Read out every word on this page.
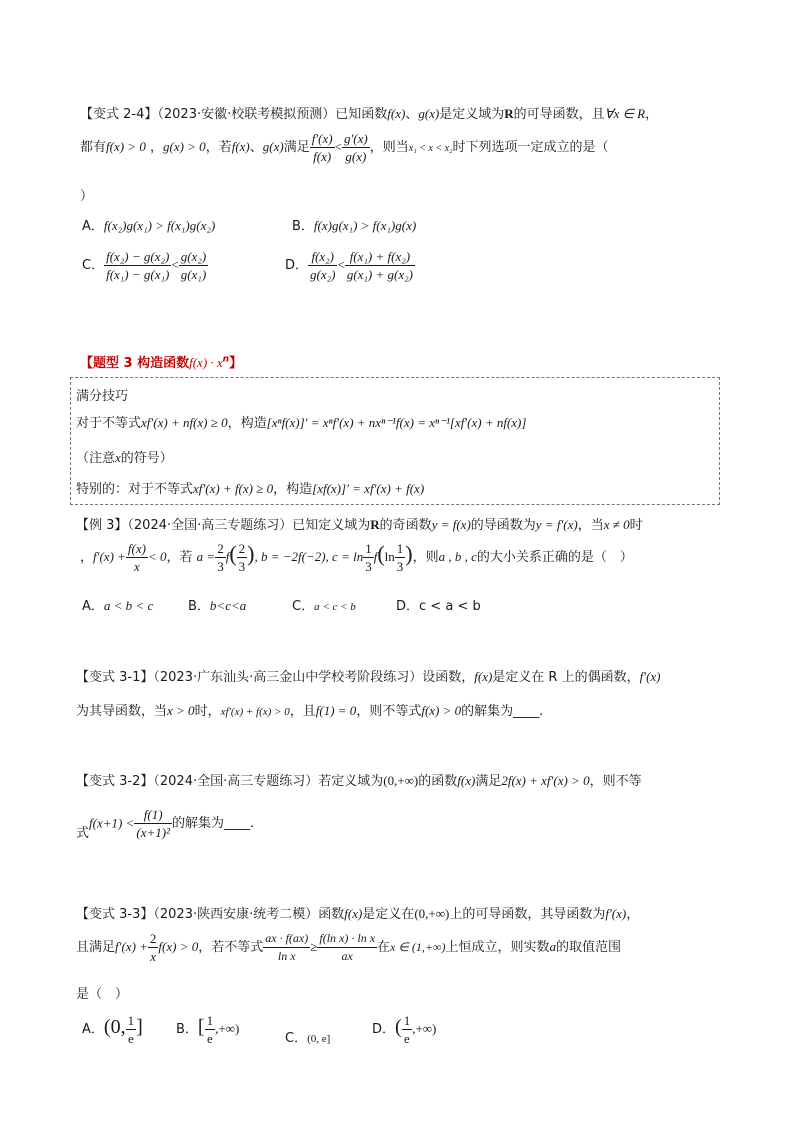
【变式 2-4】（2023·安徽·校联考模拟预测）已知函数f(x)、g(x)是定义域为R的可导函数，且∀x ∈ R，
都有f(x) > 0 ，g(x) > 0，若f(x)、g(x)满足 $\frac{f'(x)}{f(x)} < \frac{g'(x)}{g(x)}$ ，则当x₁ < x < x₂时下列选项一定成立的是（
）
A．f(x₂)g(x₁) > f(x₁)g(x₂)	B．f(x)g(x₁) > f(x₁)g(x)
C． $\frac{\text{f(x₂) − g(x₂)}}{\text{f(x₁) − g(x₁)}} < \frac{\text{g(x₂)}}{\text{g(x₁)}}$	D． $\frac{\text{f(x₂)}}{\text{g(x₂)}} < \frac{\text{f(x₁) + f(x₂)}}{\text{g(x₁) + g(x₂)}}$
【题型 3 构造函数$f(x) \cdot x^n$】
满分技巧
对于不等式xf′(x) + nf(x) ≥ 0，构造[xⁿf(x)]′ = xⁿf′(x) + nxⁿ⁻¹f(x) = xⁿ⁻¹[xf′(x) + nf(x)]
（注意x的符号）
特别的：对于不等式xf′(x) + f(x) ≥ 0，构造[xf(x)]′ = xf′(x) + f(x)
【例 3】（2024·全国·高三专题练习）已知定义域为R的奇函数y = f(x)的导函数为y = f′(x)，当x ≠ 0时
，$f'(x) + \frac{f(x)}{x} < 0$，若 $a = \frac{2}{3} f( \frac{2}{3}$ ), b = −2f(−2), $c = \ln \frac{1}{3} f(\ln \frac{1}{3}$ )，则a , b , c的大小关系正确的是（　）
A．a < b < c	B．b<c<a	C．a < c < b	D．c < a < b
【变式 3-1】（2023·广东汕头·高三金山中学校考阶段练习）设函数，f(x)是定义在 R 上的偶函数，f′(x)
为其导函数，当x > 0时，xf′(x) + f(x) > 0，且f(1) = 0，则不等式f(x) > 0的解集为____.
【变式 3-2】（2024·全国·高三专题练习）若定义域为(0,+∞)的函数f(x)满足2f(x) + xf′(x) > 0，则不等
式$f(x+1) < \frac{f(1)}{\text{(x+1)²}}$ 的解集为____.
【变式 3-3】（2023·陕西安康·统考二模）函数f(x)是定义在(0,+∞)上的可导函数，其导函数为f′(x)，
且满足$f'(x) + \frac{2}{x} f(x) > 0$，若不等式 $\frac{ax \cdot f(ax)}{\text{ln x}} \ge \frac{\text{f(ln x) · ln x}}{ax}$ 在x ∈ (1,+∞)上恒成立，则实数a的取值范围
是（　）
A．(0, $\frac{1}{e}$ ]	B．[ $\frac{1}{e}$ ,+∞)
C．(0, e]
D．( $\frac{1}{e}$ ,+∞)
